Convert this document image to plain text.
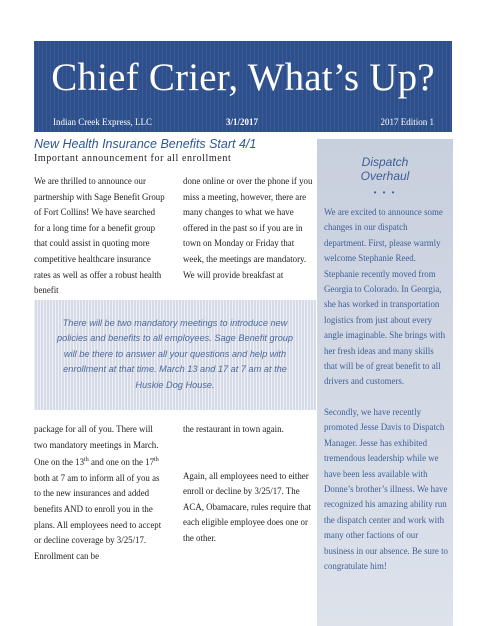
Chief Crier, What’s Up?
Indian Creek Express, LLC	3/1/2017	2017 Edition 1
New Health Insurance Benefits Start 4/1
Important announcement for all enrollment

We are thrilled to announce our partnership with Sage Benefit Group of Fort Collins! We have searched for a long time for a benefit group that could assist in quoting more competitive healthcare insurance rates as well as offer a robust health benefit

done online or over the phone if you miss a meeting, however, there are many changes to what we have offered in the past so if you are in town on Monday or Friday that week, the meetings are mandatory. We will provide breakfast at

There will be two mandatory meetings to introduce new policies and benefits to all employees. Sage Benefit group will be there to answer all your questions and help with enrollment at that time. March 13 and 17 at 7 am at the Huskie Dog House.

package for all of you. There will two mandatory meetings in March. One on the 13th and one on the 17th both at 7 am to inform all of you as to the new insurances and added benefits AND to enroll you in the plans. All employees need to accept or decline coverage by 3/25/17. Enrollment can be

the restaurant in town again.

Again, all employees need to either enroll or decline by 3/25/17. The ACA, Obamacare, rules require that each eligible employee does one or the other.

Dispatch
Overhaul
• • •

We are excited to announce some changes in our dispatch department. First, please warmly welcome Stephanie Reed. Stephanie recently moved from Georgia to Colorado. In Georgia, she has worked in transportation logistics from just about every angle imaginable. She brings with her fresh ideas and many skills that will be of great benefit to all drivers and customers.

Secondly, we have recently promoted Jesse Davis to Dispatch Manager. Jesse has exhibited tremendous leadership while we have been less available with Donne’s brother’s illness. We have recognized his amazing ability run the dispatch center and work with many other factions of our business in our absence. Be sure to congratulate him!
